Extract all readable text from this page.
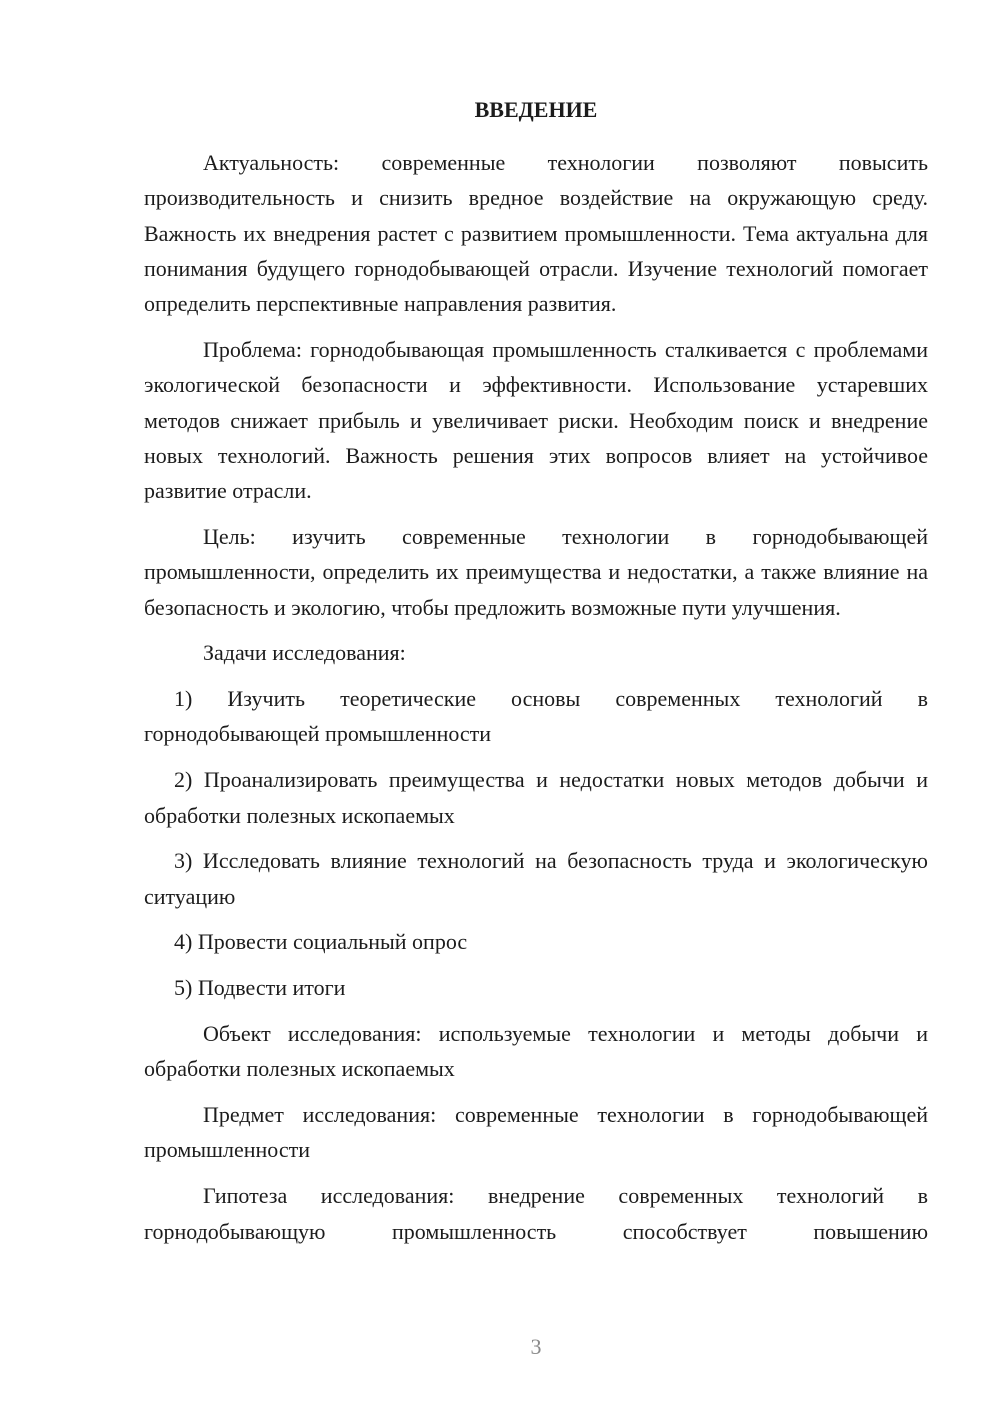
ВВЕДЕНИЕ

Актуальность: современные технологии позволяют повысить производительность и снизить вредное воздействие на окружающую среду. Важность их внедрения растет с развитием промышленности. Тема актуальна для понимания будущего горнодобывающей отрасли. Изучение технологий помогает определить перспективные направления развития.

Проблема: горнодобывающая промышленность сталкивается с проблемами экологической безопасности и эффективности. Использование устаревших методов снижает прибыль и увеличивает риски. Необходим поиск и внедрение новых технологий. Важность решения этих вопросов влияет на устойчивое развитие отрасли.

Цель: изучить современные технологии в горнодобывающей промышленности, определить их преимущества и недостатки, а также влияние на безопасность и экологию, чтобы предложить возможные пути улучшения.

Задачи исследования:

1) Изучить теоретические основы современных технологий в горнодобывающей промышленности

2) Проанализировать преимущества и недостатки новых методов добычи и обработки полезных ископаемых

3) Исследовать влияние технологий на безопасность труда и экологическую ситуацию

4) Провести социальный опрос

5) Подвести итоги

Объект исследования: используемые технологии и методы добычи и обработки полезных ископаемых

Предмет исследования: современные технологии в горнодобывающей промышленности

Гипотеза исследования: внедрение современных технологий в горнодобывающую промышленность способствует повышению

3
